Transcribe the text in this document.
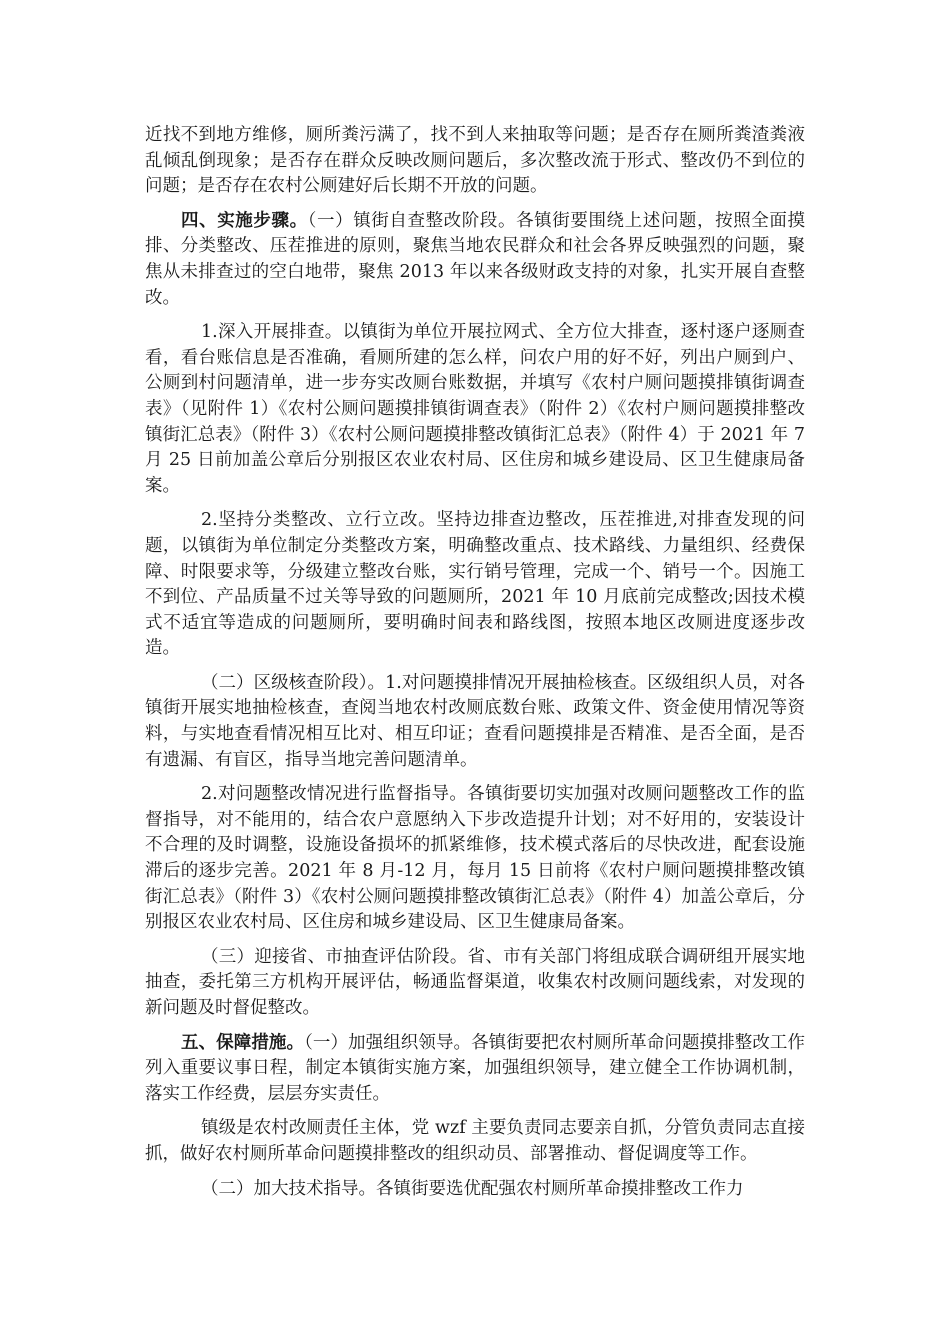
近找不到地方维修，厕所粪污满了，找不到人来抽取等问题；是否存在厕所粪渣粪液乱倾乱倒现象；是否存在群众反映改厕问题后，多次整改流于形式、整改仍不到位的问题；是否存在农村公厕建好后长期不开放的问题。

四、实施步骤。（一）镇街自查整改阶段。各镇街要围绕上述问题，按照全面摸排、分类整改、压茬推进的原则，聚焦当地农民群众和社会各界反映强烈的问题，聚焦从未排查过的空白地带，聚焦 2013 年以来各级财政支持的对象，扎实开展自查整改。

1.深入开展排查。以镇街为单位开展拉网式、全方位大排查，逐村逐户逐厕查看，看台账信息是否准确，看厕所建的怎么样，问农户用的好不好，列出户厕到户、公厕到村问题清单，进一步夯实改厕台账数据，并填写《农村户厕问题摸排镇街调查表》（见附件 1）《农村公厕问题摸排镇街调查表》（附件 2）《农村户厕问题摸排整改镇街汇总表》（附件 3）《农村公厕问题摸排整改镇街汇总表》（附件 4）于 2021 年 7 月 25 日前加盖公章后分别报区农业农村局、区住房和城乡建设局、区卫生健康局备案。

2.坚持分类整改、立行立改。坚持边排查边整改，压茬推进,对排查发现的问题，以镇街为单位制定分类整改方案，明确整改重点、技术路线、力量组织、经费保障、时限要求等，分级建立整改台账，实行销号管理，完成一个、销号一个。因施工不到位、产品质量不过关等导致的问题厕所，2021 年 10 月底前完成整改;因技术模式不适宜等造成的问题厕所，要明确时间表和路线图，按照本地区改厕进度逐步改造。

（二）区级核查阶段）。1.对问题摸排情况开展抽检核查。区级组织人员，对各镇街开展实地抽检核查，查阅当地农村改厕底数台账、政策文件、资金使用情况等资料，与实地查看情况相互比对、相互印证；查看问题摸排是否精准、是否全面，是否有遗漏、有盲区，指导当地完善问题清单。

2.对问题整改情况进行监督指导。各镇街要切实加强对改厕问题整改工作的监督指导，对不能用的，结合农户意愿纳入下步改造提升计划；对不好用的，安装设计不合理的及时调整，设施设备损坏的抓紧维修，技术模式落后的尽快改进，配套设施滞后的逐步完善。2021 年 8 月-12 月，每月 15 日前将《农村户厕问题摸排整改镇街汇总表》（附件 3）《农村公厕问题摸排整改镇街汇总表》（附件 4）加盖公章后，分别报区农业农村局、区住房和城乡建设局、区卫生健康局备案。

（三）迎接省、市抽查评估阶段。省、市有关部门将组成联合调研组开展实地抽查，委托第三方机构开展评估，畅通监督渠道，收集农村改厕问题线索，对发现的新问题及时督促整改。

五、保障措施。（一）加强组织领导。各镇街要把农村厕所革命问题摸排整改工作列入重要议事日程，制定本镇街实施方案，加强组织领导，建立健全工作协调机制，落实工作经费，层层夯实责任。

镇级是农村改厕责任主体，党 wzf 主要负责同志要亲自抓，分管负责同志直接抓，做好农村厕所革命问题摸排整改的组织动员、部署推动、督促调度等工作。

（二）加大技术指导。各镇街要选优配强农村厕所革命摸排整改工作力
